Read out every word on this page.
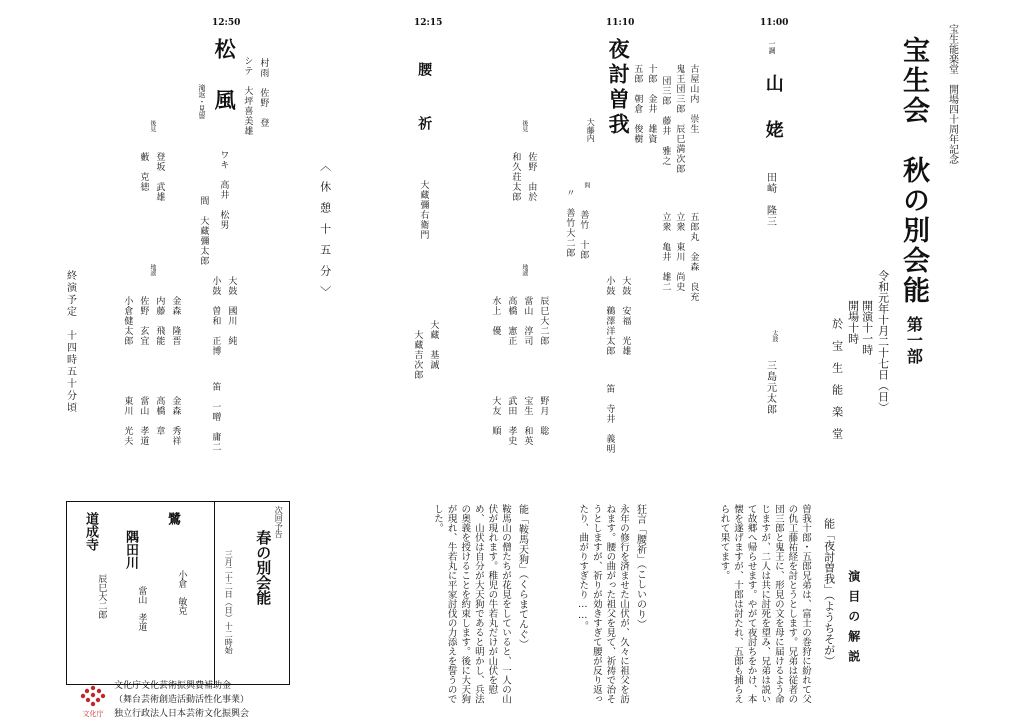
宝生能楽堂　開場四十周年記念
宝生会　秋の別会能
第一部
令和元年十月二十七日（日）
開演十一時
開場十時
於　宝　生　能　楽　堂
11:00
一調
山姥
田崎　隆三
太鼓
三島元太郎
11:10
夜討曽我
大藤内	古屋山内　崇生
鬼王団三郎　辰巳満次郎
団三郎　藤井　雅之
十郎　金井　雄資
五郎　朝倉　俊樹
五郎丸　金森　良充
立衆　東川　尚史
立衆　亀井　雄二
後見
佐野　由於
和久荘太郎	間
善竹　十郎
〃　善竹大二郎
地謡
辰巳大二郎
當山　淳司
高橋　憲正
水上　優
野月　聡
宝生　和英
武田　孝史
大友　順
大鼓　安福　光雄
小鼓　鵜澤洋太郎
笛　寺井　義明
12:15
腰祈
大藏彌右衛門
大藏　基誠
大藏吉次郎
〈休憩十五分〉
12:50
松風
滝返・見留	村雨　佐野　登
シテ　大坪喜美雄
ワキ　高井　松男
間　大藏彌太郎
大鼓　國川　純
小鼓　曽和　正博
笛　一噌　庸二
後見
登坂　武雄
藪　克徳
地謡
金森　隆晋
内藤　飛能
佐野　玄宜
小倉健太郎
金森　秀祥
高橋　章
當山　孝道
東川　光夫
終演予定　十四時五十分頃
演目の解説
能「夜討曽我」（ようちそが）
曽我十郎・五郎兄弟は、富士の巻狩に紛れて父の仇工藤祐経を討とうとします。兄弟は従者の団三郎と鬼王に、形見の文を母に届けるよう命じますが、二人は共に討死を望み、兄弟は説いて故郷へ帰らせます。やがて夜討ちをかけ、本懐を遂げますが、十郎は討たれ、五郎も捕らえられて果てます。
狂言「腰祈」（こしいのり）
永年の修行を済ませた山伏が、久々に祖父を訪ねます。腰の曲がった祖父を見て、祈祷で治そうとしますが、祈りが効きすぎて腰が反り返ったり、曲がりすぎたり……。
能「鞍馬天狗」（くらまてんぐ）
鞍馬山の僧たちが花見をしていると、一人の山伏が現れます。稚児の牛若丸だけが山伏を慰め、山伏は自分が大天狗であると明かし、兵法の奥義を授けることを約束します。後に大天狗が現れ、牛若丸に平家討伐の力添えを誓うのでした。
次回予告
春の別会能
三月二十二日（日）十二時始
鷺
隅田川
道成寺
小倉　敏克
當山　孝道
辰巳大二郎
文化庁
文化庁文化芸術振興費補助金
（舞台芸術創造活動活性化事業）
独立行政法人日本芸術文化振興会
